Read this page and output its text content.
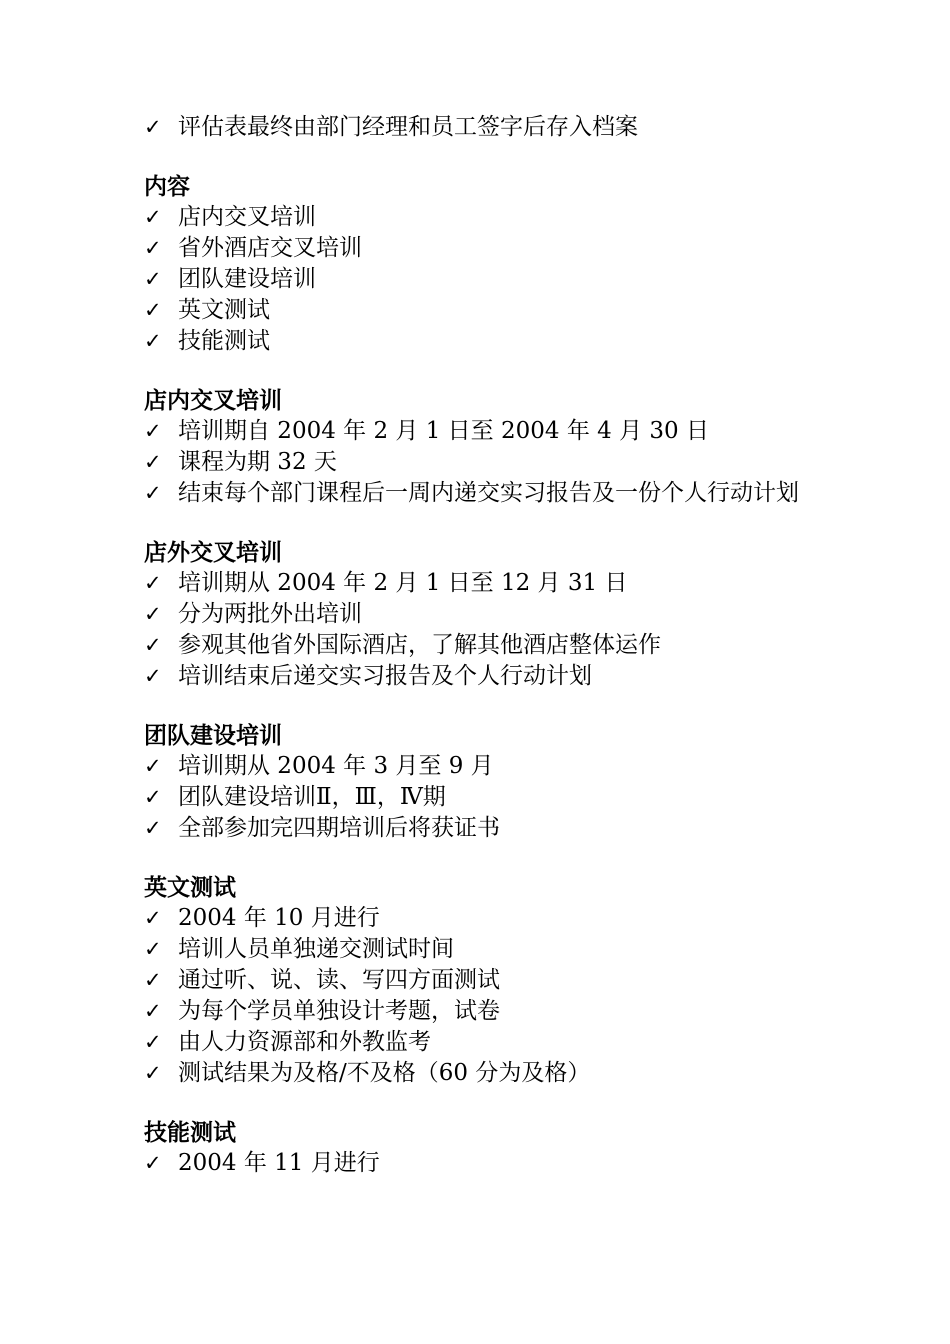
✓ 评估表最终由部门经理和员工签字后存入档案
内容
✓ 店内交叉培训
✓ 省外酒店交叉培训
✓ 团队建设培训
✓ 英文测试
✓ 技能测试
店内交叉培训
✓ 培训期自 2004 年 2 月 1 日至 2004 年 4 月 30 日
✓ 课程为期 32 天
✓ 结束每个部门课程后一周内递交实习报告及一份个人行动计划
店外交叉培训
✓ 培训期从 2004 年 2 月 1 日至 12 月 31 日
✓ 分为两批外出培训
✓ 参观其他省外国际酒店，了解其他酒店整体运作
✓ 培训结束后递交实习报告及个人行动计划
团队建设培训
✓ 培训期从 2004 年 3 月至 9 月
✓ 团队建设培训Ⅱ，Ⅲ，Ⅳ期
✓ 全部参加完四期培训后将获证书
英文测试
✓ 2004 年 10 月进行
✓ 培训人员单独递交测试时间
✓ 通过听、说、读、写四方面测试
✓ 为每个学员单独设计考题，试卷
✓ 由人力资源部和外教监考
✓ 测试结果为及格/不及格（60 分为及格）
技能测试
✓ 2004 年 11 月进行
